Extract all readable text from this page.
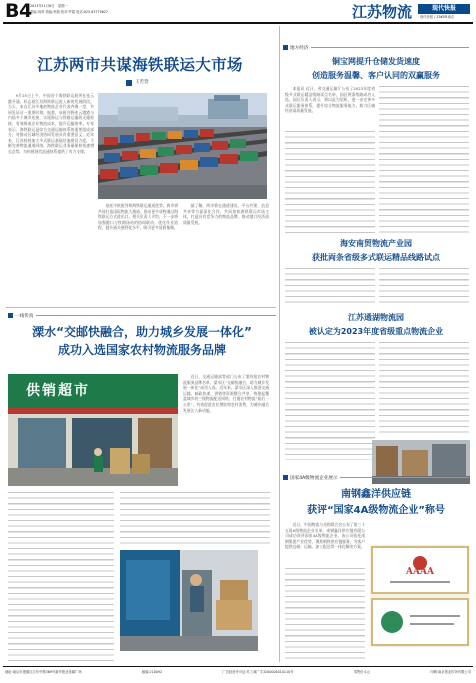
B4
2023年11月6日　星期一
责编:刘萍 美编:李娟 校对:罗超 电话:025-83770627	江苏物流	现代快报
现代快报 / ZAKER南京
江苏两市共谋海铁联运大市场
王若萱
9月25日上午，中国首个海铁联运班列在连云港开通，标志着江苏海铁联运进入新的发展阶段。当天，来自江苏多地的物流企业代表齐聚一堂，共同见证这一重要时刻。据悉，该班列将连云港港与内陆多个城市连接，实现海运与铁路运输的无缝衔接，有效降低企业物流成本，提升运输效率。专家表示，海铁联运是综合交通运输体系的重要组成部分，对推动区域经济协同发展具有重要意义。近年来，江苏持续加大多式联运基础设施建设力度，不断完善物流通道网络，海铁联运业务量保持快速增长态势，为构建现代流通体系提供了有力支撑。
依托中欧班列和海铁联运通道优势，两市将共同打造国际物流大通道，推动更多货物通过海铁联运方式进出口。相关负责人介绍，下一步将加强港口与铁路场站的协同联动，优化作业流程，提升通关便利化水平，吸引更多货源集聚。
据了解，两市将在通道建设、平台共建、信息共享等方面深化合作，共同培育海铁联运市场主体，打造具有竞争力的物流品牌，推动港口经济高质量发展。
一线传真
溧水“交邮快融合，助力城乡发展一体化”
成功入选国家农村物流服务品牌
供销超市
近日，交通运输部等部门公布了第四批农村物流服务品牌名单，溧水区“交邮快融合，助力城乡发展一体化”成功入选。近年来，溧水区深入推进交通运输、邮政快递、供销等资源整合共享，构建起覆盖城乡的三级物流配送网络，打通农村物流“最后一公里”，有效促进农民增收和农村消费，为城乡融合发展注入新动能。
地方经济
铜宝网提升仓储发货速度
创造服务温馨、客户认同的双赢服务
本报讯 近日，省交通运输厅公布了2023年度省级多式联运精品线路试点名单，园区两条线路成功入选。园区负责人表示，将以此为契机，进一步完善多式联运服务体系，提升综合物流服务能力，助力区域经济高质量发展。
海安南贸物流产业园
获批両条省级多式联运精品线路试点
江苏通湖物流园
被认定为2023年度省级重点物流企业
国家4A级物流企业展示
南钢鑫洋供应链
获评“国家4A级物流企业”称号
近日，中国物流与采购联合会公布了第三十五批A级物流企业名单，南钢鑫洋供应链有限公司成功获评国家4A级物流企业。该公司依托南钢集团产业优势，聚焦钢铁供应链服务，为客户提供仓储、运输、加工配送等一体化解决方案。
AAAA
地址:南京市建邺区江东中路369号新华报业传媒广场	邮编:210092	广告经营许可证:苏工商广字3200004010110号	零售价:1元	印刷:南京报业印务有限公司
